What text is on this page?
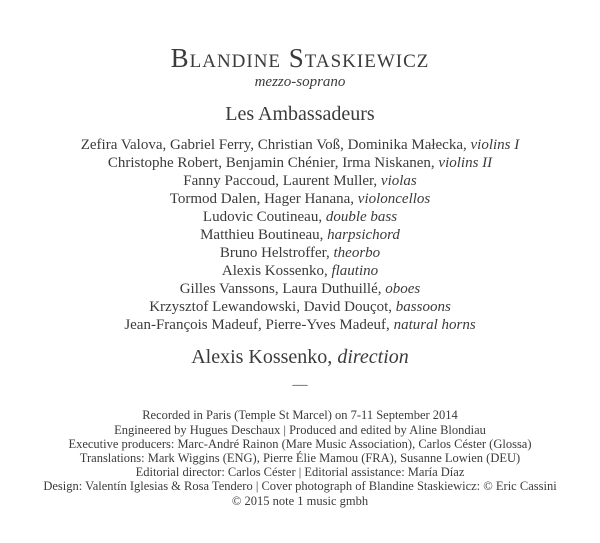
Blandine Staskiewicz
mezzo-soprano
Les Ambassadeurs
Zefira Valova, Gabriel Ferry, Christian Voß, Dominika Małecka, violins I
Christophe Robert, Benjamin Chénier, Irma Niskanen, violins II
Fanny Paccoud, Laurent Muller, violas
Tormod Dalen, Hager Hanana, violoncellos
Ludovic Coutineau, double bass
Matthieu Boutineau, harpsichord
Bruno Helstroffer, theorbo
Alexis Kossenko, flautino
Gilles Vanssons, Laura Duthuillé, oboes
Krzysztof Lewandowski, David Douçot, bassoons
Jean-François Madeuf, Pierre-Yves Madeuf, natural horns
Alexis Kossenko, direction
—
Recorded in Paris (Temple St Marcel) on 7-11 September 2014
Engineered by Hugues Deschaux | Produced and edited by Aline Blondiau
Executive producers: Marc-André Rainon (Mare Music Association), Carlos Céster (Glossa)
Translations: Mark Wiggins (ENG), Pierre Élie Mamou (FRA), Susanne Lowien (DEU)
Editorial director: Carlos Céster | Editorial assistance: María Díaz
Design: Valentín Iglesias & Rosa Tendero | Cover photograph of Blandine Staskiewicz: © Eric Cassini
© 2015 note 1 music gmbh
